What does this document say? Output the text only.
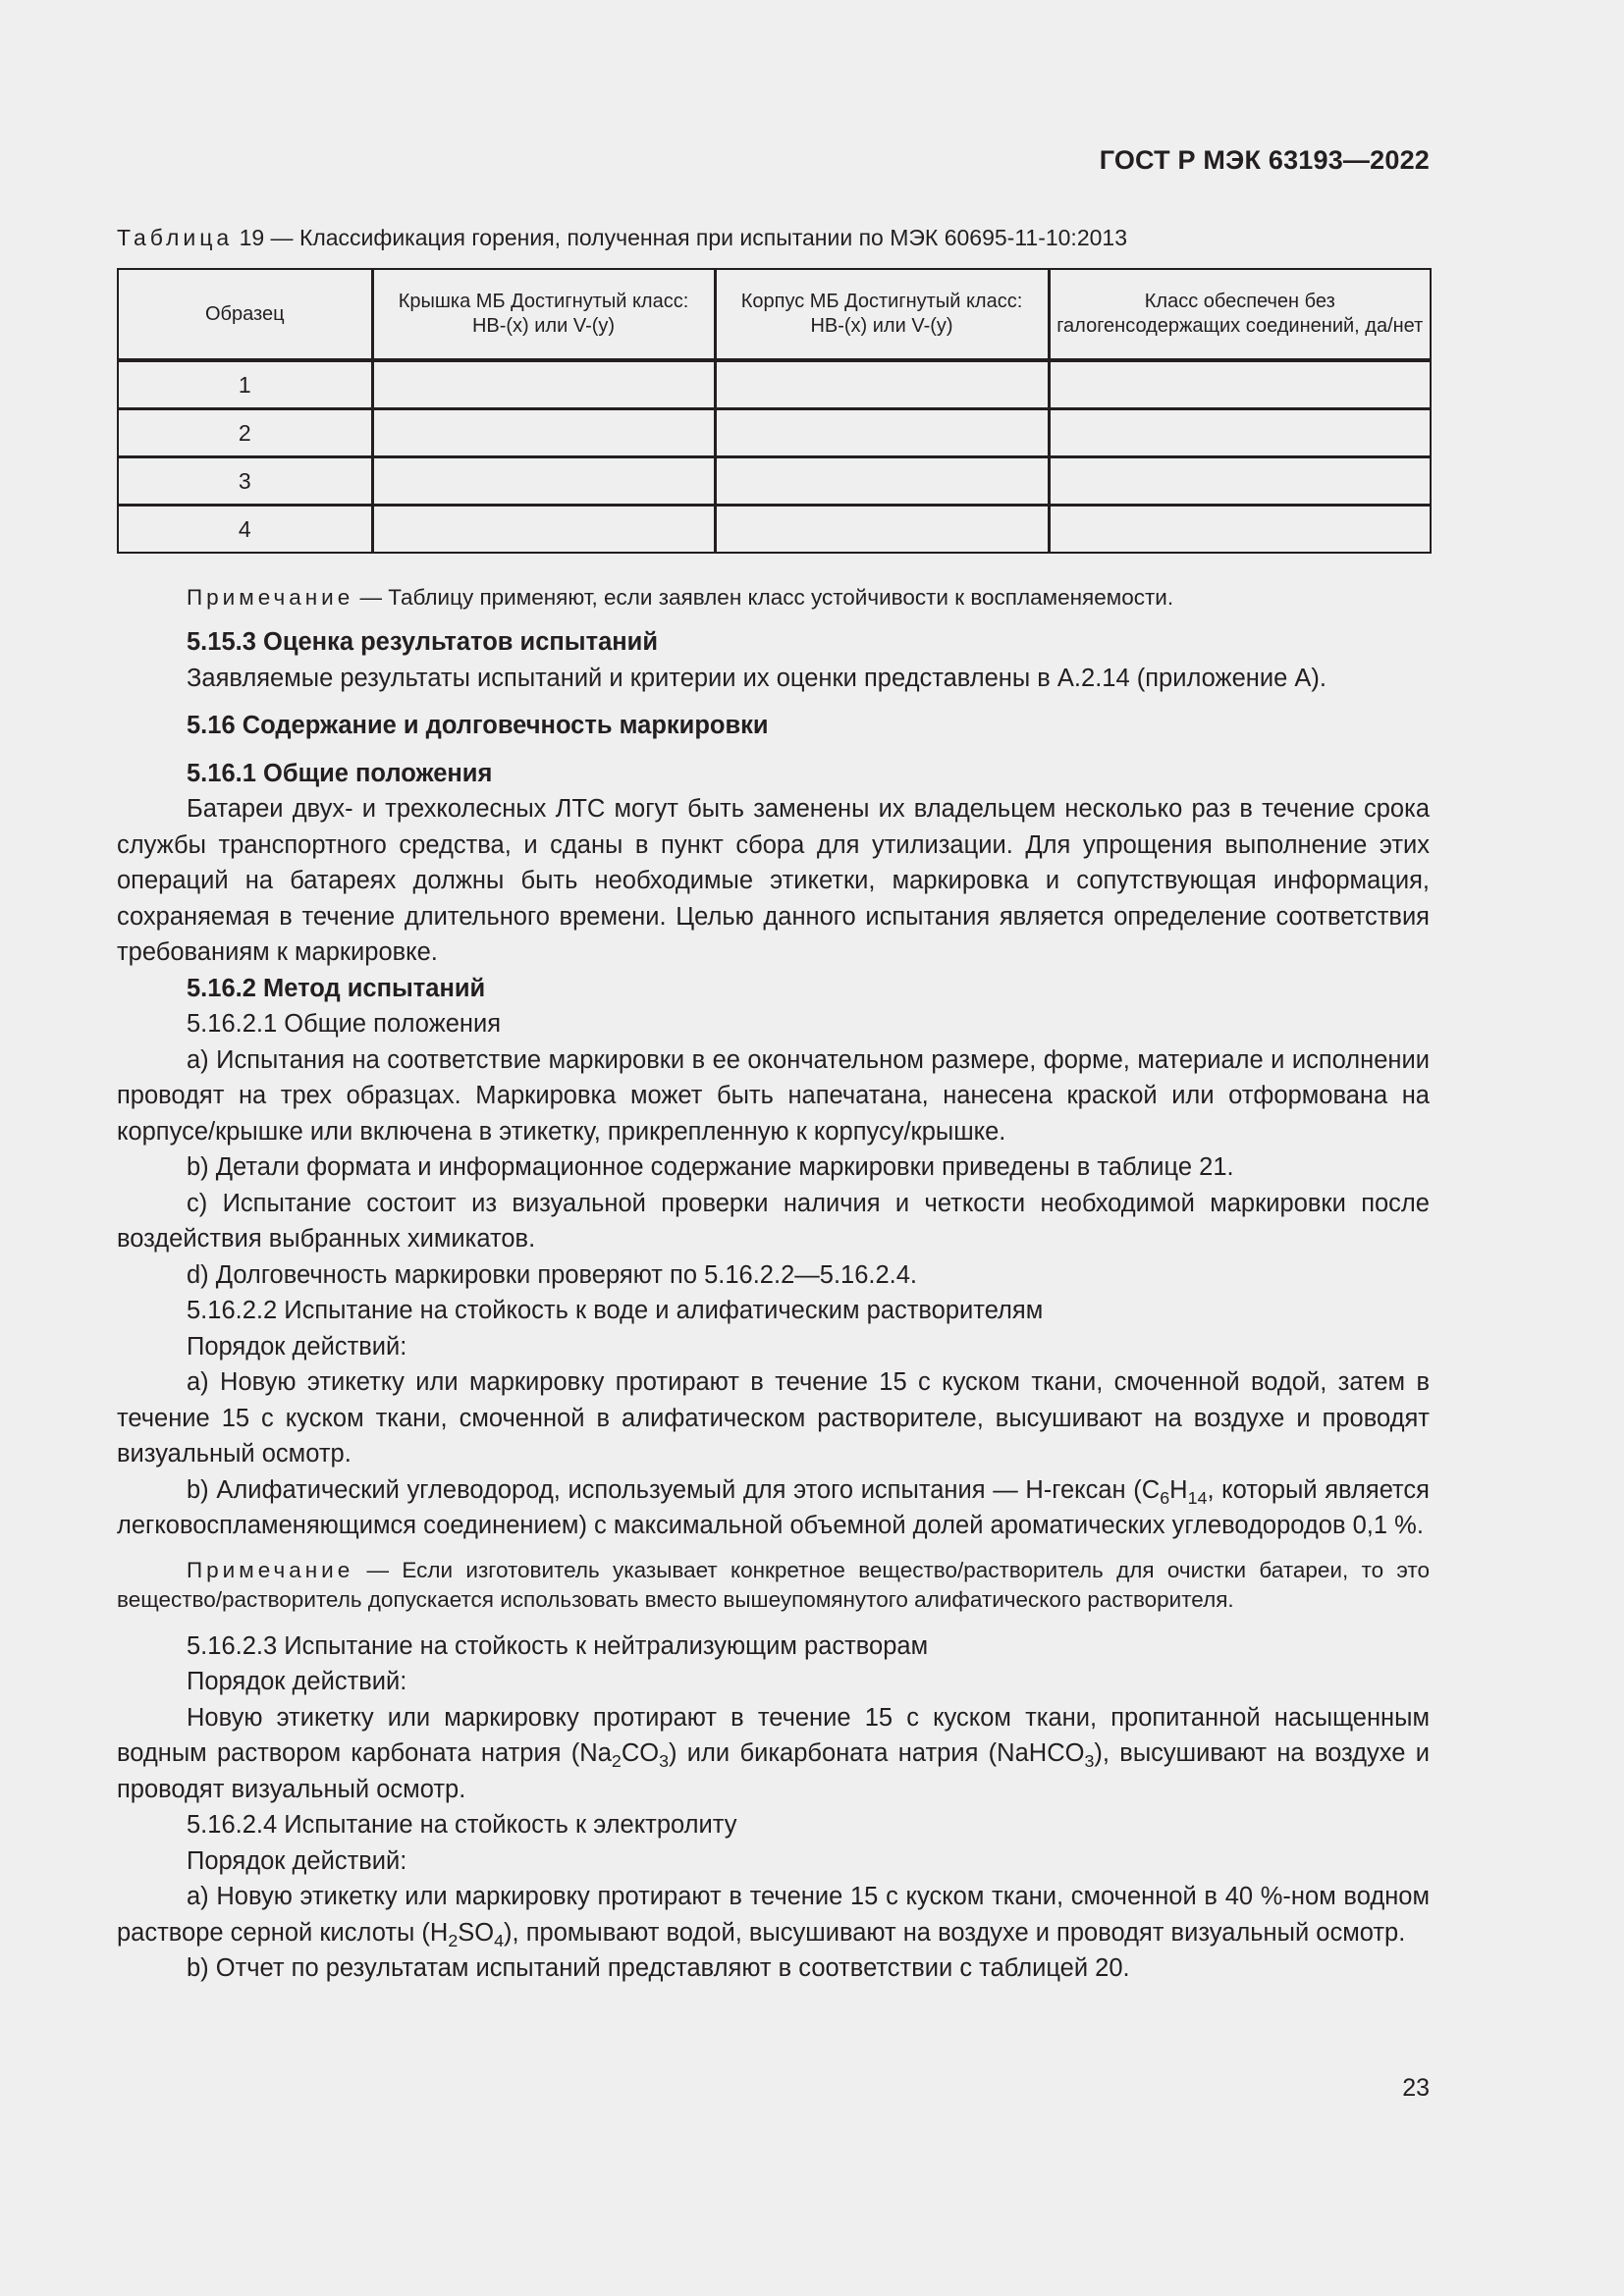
ГОСТ Р МЭК 63193—2022
Таблица 19 — Классификация горения, полученная при испытании по МЭК 60695-11-10:2013
Образец	Крышка МБ Достигнутый класс: HB-(x) или V-(y)	Корпус МБ Достигнутый класс: HB-(x) или V-(y)	Класс обеспечен без галогенсодержащих соединений, да/нет
1			
2			
3			
4			

Примечание — Таблицу применяют, если заявлен класс устойчивости к воспламеняемости.

5.15.3 Оценка результатов испытаний

Заявляемые результаты испытаний и критерии их оценки представлены в А.2.14 (приложение А).

5.16 Содержание и долговечность маркировки

5.16.1 Общие положения

Батареи двух- и трехколесных ЛТС могут быть заменены их владельцем несколько раз в течение срока службы транспортного средства, и сданы в пункт сбора для утилизации. Для упрощения выполнение этих операций на батареях должны быть необходимые этикетки, маркировка и сопутствующая информация, сохраняемая в течение длительного времени. Целью данного испытания является определение соответствия требованиям к маркировке.

5.16.2 Метод испытаний

5.16.2.1 Общие положения

a) Испытания на соответствие маркировки в ее окончательном размере, форме, материале и исполнении проводят на трех образцах. Маркировка может быть напечатана, нанесена краской или отформована на корпусе/крышке или включена в этикетку, прикрепленную к корпусу/крышке.

b) Детали формата и информационное содержание маркировки приведены в таблице 21.

c) Испытание состоит из визуальной проверки наличия и четкости необходимой маркировки после воздействия выбранных химикатов.

d) Долговечность маркировки проверяют по 5.16.2.2—5.16.2.4.

5.16.2.2 Испытание на стойкость к воде и алифатическим растворителям

Порядок действий:

a) Новую этикетку или маркировку протирают в течение 15 с куском ткани, смоченной водой, затем в течение 15 с куском ткани, смоченной в алифатическом растворителе, высушивают на воздухе и проводят визуальный осмотр.

b) Алифатический углеводород, используемый для этого испытания — Н-гексан ($С_6Н_{14}$, который является легковоспламеняющимся соединением) с максимальной объемной долей ароматических углеводородов 0,1 %.

Примечание — Если изготовитель указывает конкретное вещество/растворитель для очистки батареи, то это вещество/растворитель допускается использовать вместо вышеупомянутого алифатического растворителя.

5.16.2.3 Испытание на стойкость к нейтрализующим растворам

Порядок действий:

Новую этикетку или маркировку протирают в течение 15 с куском ткани, пропитанной насыщенным водным раствором карбоната натрия $(Na_2CO_3)$ или бикарбоната натрия (NaHCO$_3$), высушивают на воздухе и проводят визуальный осмотр.

5.16.2.4 Испытание на стойкость к электролиту

Порядок действий:

a) Новую этикетку или маркировку протирают в течение 15 с куском ткани, смоченной в 40 %-ном водном растворе серной кислоты $(Н_2SO_4)$, промывают водой, высушивают на воздухе и проводят визуальный осмотр.

b) Отчет по результатам испытаний представляют в соответствии с таблицей 20.

23
